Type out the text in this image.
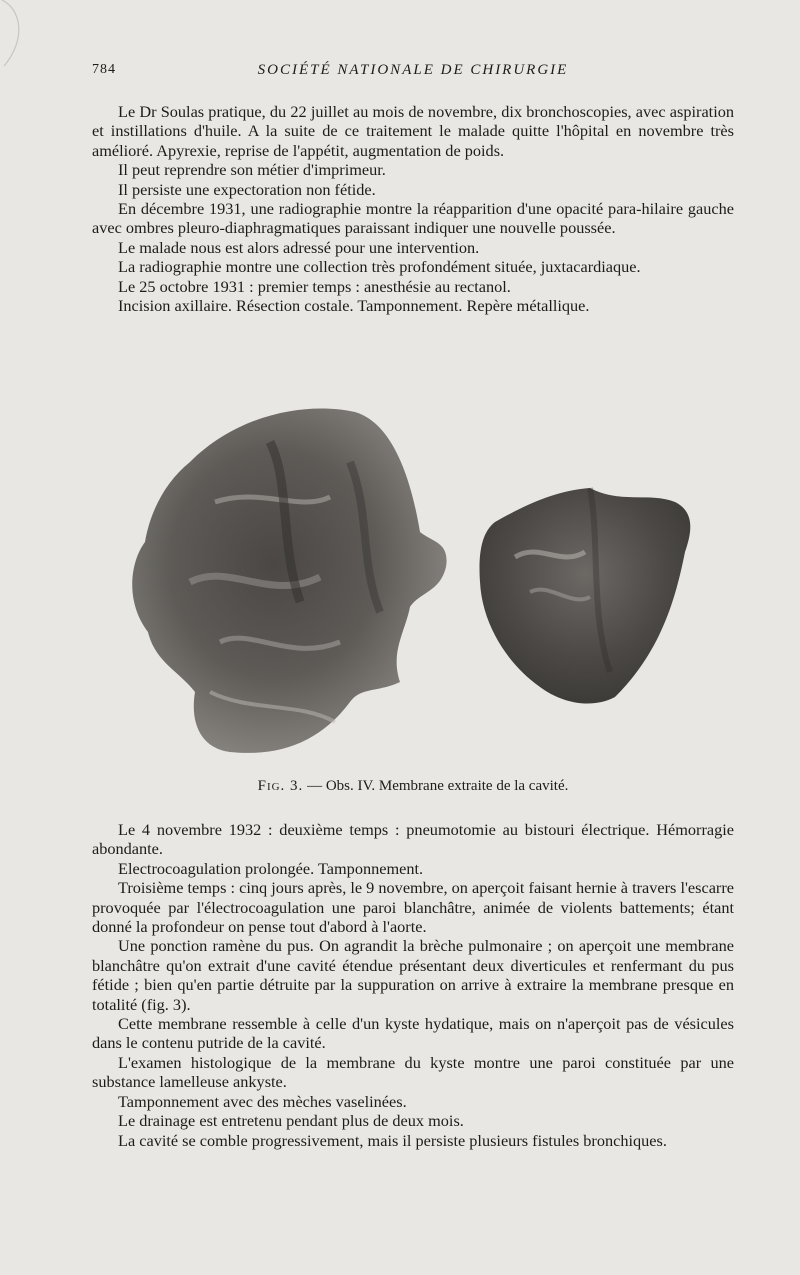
784	SOCIÉTÉ NATIONALE DE CHIRURGIE

Le Dr Soulas pratique, du 22 juillet au mois de novembre, dix bronchoscopies, avec aspiration et instillations d'huile. A la suite de ce traitement le malade quitte l'hôpital en novembre très amélioré. Apyrexie, reprise de l'appétit, augmentation de poids.

Il peut reprendre son métier d'imprimeur.

Il persiste une expectoration non fétide.

En décembre 1931, une radiographie montre la réapparition d'une opacité para-hilaire gauche avec ombres pleuro-diaphragmatiques paraissant indiquer une nouvelle poussée.

Le malade nous est alors adressé pour une intervention.

La radiographie montre une collection très profondément située, juxtacardiaque.

Le 25 octobre 1931 : premier temps : anesthésie au rectanol.

Incision axillaire. Résection costale. Tamponnement. Repère métallique.

Fig. 3. — Obs. IV. Membrane extraite de la cavité.

Le 4 novembre 1932 : deuxième temps : pneumotomie au bistouri électrique. Hémorragie abondante.

Electrocoagulation prolongée. Tamponnement.

Troisième temps : cinq jours après, le 9 novembre, on aperçoit faisant hernie à travers l'escarre provoquée par l'électrocoagulation une paroi blanchâtre, animée de violents battements; étant donné la profondeur on pense tout d'abord à l'aorte.

Une ponction ramène du pus. On agrandit la brèche pulmonaire ; on aperçoit une membrane blanchâtre qu'on extrait d'une cavité étendue présentant deux diverticules et renfermant du pus fétide ; bien qu'en partie détruite par la suppuration on arrive à extraire la membrane presque en totalité (fig. 3).

Cette membrane ressemble à celle d'un kyste hydatique, mais on n'aperçoit pas de vésicules dans le contenu putride de la cavité.

L'examen histologique de la membrane du kyste montre une paroi constituée par une substance lamelleuse ankyste.

Tamponnement avec des mèches vaselinées.

Le drainage est entretenu pendant plus de deux mois.

La cavité se comble progressivement, mais il persiste plusieurs fistules bronchiques.
